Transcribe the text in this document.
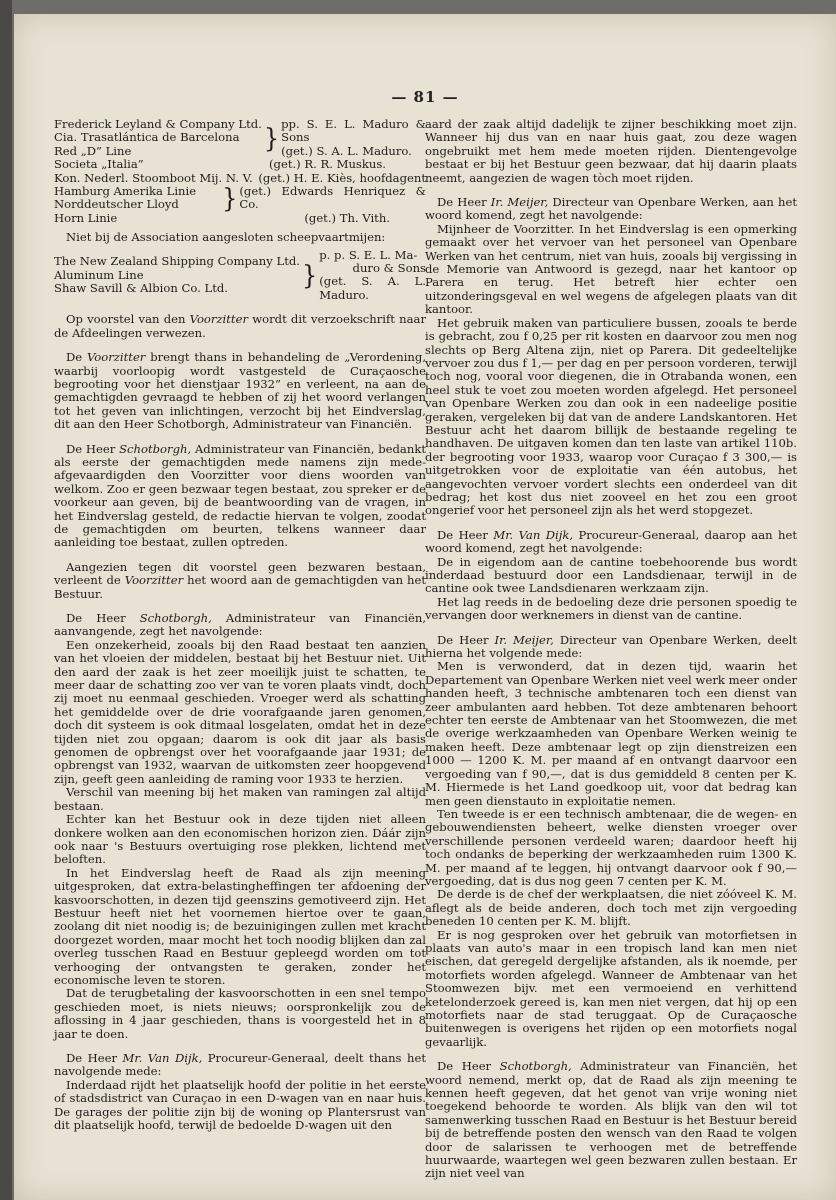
— 81 —
Frederick Leyland & Company Ltd.
Cia. Trasatlántica de Barcelona
Red „D” Line	} pp. S. E. L. Maduro & Sons
(get.) S. A. L. Maduro.
Societa „Italia”	(get.) R. R. Muskus.
Kon. Nederl. Stoomboot Mij. N. V. (get.) H. E. Kiès, hoofdagent
Hamburg Amerika Linie
Norddeutscher Lloyd	} (get.) Edwards Henriquez & Co.
Horn Linie	(get.) Th. Vith.

Niet bij de Association aangesloten scheepvaartmijen:

The New Zealand Shipping Company Ltd.
Aluminum Line
Shaw Savill & Albion Co. Ltd.	}
p. p. S. E. L. Ma-
duro & Sons
(get. S. A. L. Maduro.

Op voorstel van den Voorzitter wordt dit verzoekschrift naar de Afdeelingen verwezen.

De Voorzitter brengt thans in behandeling de „Verordening, waarbij voorloopig wordt vastgesteld de Curaçaosche begrooting voor het dienstjaar 1932” en verleent, na aan de gemachtigden gevraagd te hebben of zij het woord verlangen tot het geven van inlichtingen, verzocht bij het Eindverslag, dit aan den Heer Schotborgh, Administrateur van Financiën.

De Heer Schotborgh, Administrateur van Financiën, bedankt als eerste der gemachtigden mede namens zijn mede-afgevaardigden den Voorzitter voor diens woorden van welkom. Zoo er geen bezwaar tegen bestaat, zou spreker er de voorkeur aan geven, bij de beantwoording van de vragen, in het Eindverslag gesteld, de redactie hiervan te volgen, zoodat de gemachtigden om beurten, telkens wanneer daar aanleiding toe bestaat, zullen optreden.

Aangezien tegen dit voorstel geen bezwaren bestaan, verleent de Voorzitter het woord aan de gemachtigden van het Bestuur.

De Heer Schotborgh, Administrateur van Financiën, aanvangende, zegt het navolgende:

Een onzekerheid, zooals bij den Raad bestaat ten aanzien van het vloeien der middelen, bestaat bij het Bestuur niet. Uit den aard der zaak is het zeer moeilijk juist te schatten, te meer daar de schatting zoo ver van te voren plaats vindt, doch zij moet nu eenmaal geschieden. Vroeger werd als schatting het gemiddelde over de drie voorafgaande jaren genomen, doch dit systeem is ook ditmaal losgelaten, omdat het in deze tijden niet zou opgaan; daarom is ook dit jaar als basis genomen de opbrengst over het voorafgaande jaar 1931; de opbrengst van 1932, waarvan de uitkomsten zeer hoopgevend zijn, geeft geen aanleiding de raming voor 1933 te herzien.

Verschil van meening bij het maken van ramingen zal altijd bestaan.

Echter kan het Bestuur ook in deze tijden niet alleen donkere wolken aan den economischen horizon zien. Dáár zijn ook naar 's Bestuurs overtuiging rose plekken, lichtend met beloften.

In het Eindverslag heeft de Raad als zijn meening uitgesproken, dat extra-belastingheffingen ter afdoening der kasvoorschotten, in dezen tijd geenszins gemotiveerd zijn. Het Bestuur heeft niet het voornemen hiertoe over te gaan, zoolang dit niet noodig is; de bezuinigingen zullen met kracht doorgezet worden, maar mocht het toch noodig blijken dan zal overleg tusschen Raad en Bestuur gepleegd worden om tot verhooging der ontvangsten te geraken, zonder het economische leven te storen.

Dat de terugbetaling der kasvoorschotten in een snel tempo geschieden moet, is niets nieuws; oorspronkelijk zou de aflossing in 4 jaar geschieden, thans is voorgesteld het in 8 jaar te doen.

De Heer Mr. Van Dijk, Procureur-Generaal, deelt thans het navolgende mede:

Inderdaad rijdt het plaatselijk hoofd der politie in het eerste of stadsdistrict van Curaçao in een D-wagen van en naar huis. De garages der politie zijn bij de woning op Plantersrust van dit plaatselijk hoofd, terwijl de bedoelde D-wagen uit den

aard der zaak altijd dadelijk te zijner beschikking moet zijn. Wanneer hij dus van en naar huis gaat, zou deze wagen ongebruikt met hem mede moeten rijden. Dientengevolge bestaat er bij het Bestuur geen bezwaar, dat hij daarin plaats neemt, aangezien de wagen tòch moet rijden.

De Heer Ir. Meijer, Directeur van Openbare Werken, aan het woord komend, zegt het navolgende:

Mijnheer de Voorzitter. In het Eindverslag is een opmerking gemaakt over het vervoer van het personeel van Openbare Werken van het centrum, niet van huis, zooals bij vergissing in de Memorie van Antwoord is gezegd, naar het kantoor op Parera en terug. Het betreft hier echter oen uitzonderingsgeval en wel wegens de afgelegen plaats van dit kantoor.

Het gebruik maken van particuliere bussen, zooals te berde is gebracht, zou f 0,25 per rit kosten en daarvoor zou men nog slechts op Berg Altena zijn, niet op Parera. Dit gedeeltelijke vervoer zou dus f 1,— per dag en per persoon vorderen, terwijl toch nog, vooral voor diegenen, die in Otrabanda wonen, een heel stuk te voet zou moeten worden afgelegd. Het personeel van Openbare Werken zou dan ook in een nadeelige positie geraken, vergeleken bij dat van de andere Landskantoren. Het Bestuur acht het daarom billijk de bestaande regeling te handhaven. De uitgaven komen dan ten laste van artikel 110b. der begrooting voor 1933, waarop voor Curaçao f 3 300,— is uitgetrokken voor de exploitatie van één autobus, het aangevochten vervoer vordert slechts een onderdeel van dit bedrag; het kost dus niet zooveel en het zou een groot ongerief voor het personeel zijn als het werd stopgezet.

De Heer Mr. Van Dijk, Procureur-Generaal, daarop aan het woord komend, zegt het navolgende:

De in eigendom aan de cantine toebehoorende bus wordt inderdaad bestuurd door een Landsdienaar, terwijl in de cantine ook twee Landsdienaren werkzaam zijn.

Het lag reeds in de bedoeling deze drie personen spoedig te vervangen door werknemers in dienst van de cantine.

De Heer Ir. Meijer, Directeur van Openbare Werken, deelt hierna het volgende mede:

Men is verwonderd, dat in dezen tijd, waarin het Departement van Openbare Werken niet veel werk meer onder handen heeft, 3 technische ambtenaren toch een dienst van zeer ambulanten aard hebben. Tot deze ambtenaren behoort echter ten eerste de Ambtenaar van het Stoomwezen, die met de overige werkzaamheden van Openbare Werken weinig te maken heeft. Deze ambtenaar legt op zijn dienstreizen een 1000 — 1200 K. M. per maand af en ontvangt daarvoor een vergoeding van f 90,—, dat is dus gemiddeld 8 centen per K. M. Hiermede is het Land goedkoop uit, voor dat bedrag kan men geen dienstauto in exploitatie nemen.

Ten tweede is er een technisch ambtenaar, die de wegen- en gebouwendiensten beheert, welke diensten vroeger over verschillende personen verdeeld waren; daardoor heeft hij toch ondanks de beperking der werkzaamheden ruim 1300 K. M. per maand af te leggen, hij ontvangt daarvoor ook f 90,— vergoeding, dat is dus nog geen 7 centen per K. M.

De derde is de chef der werkplaatsen, die niet zóóveel K. M. aflegt als de beide anderen, doch toch met zijn vergoeding beneden 10 centen per K. M. blijft.

Er is nog gesproken over het gebruik van motorfietsen in plaats van auto's maar in een tropisch land kan men niet eischen, dat geregeld dergelijke afstanden, als ik noemde, per motorfiets worden afgelegd. Wanneer de Ambtenaar van het Stoomwezen bijv. met een vermoeiend en verhittend ketelonderzoek gereed is, kan men niet vergen, dat hij op een motorfiets naar de stad teruggaat. Op de Curaçaosche buitenwegen is overigens het rijden op een motorfiets nogal gevaarlijk.

De Heer Schotborgh, Administrateur van Financiën, het woord nemend, merkt op, dat de Raad als zijn meening te kennen heeft gegeven, dat het genot van vrije woning niet toegekend behoorde te worden. Als blijk van den wil tot samenwerking tusschen Raad en Bestuur is het Bestuur bereid bij de betreffende posten den wensch van den Raad te volgen door de salarissen te verhoogen met de betreffende huurwaarde, waartegen wel geen bezwaren zullen bestaan. Er zijn niet veel van
